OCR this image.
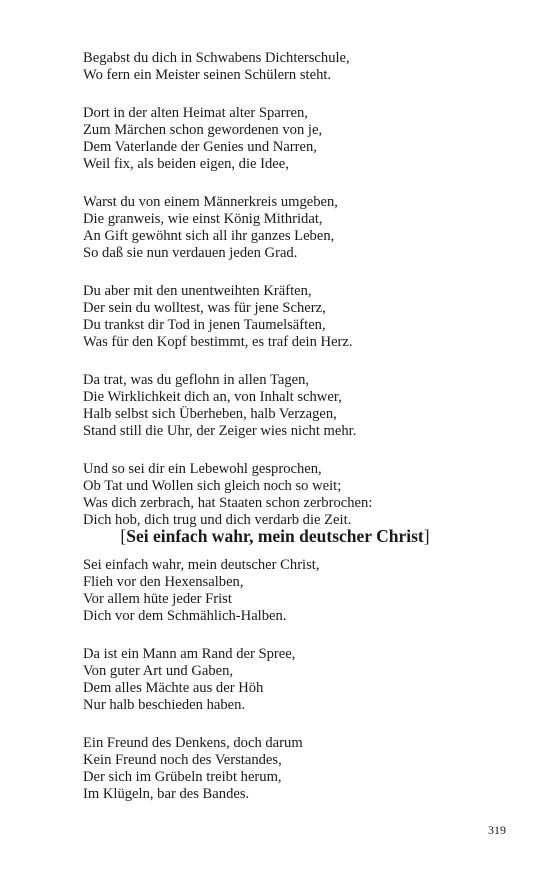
Begabst du dich in Schwabens Dichterschule,
Wo fern ein Meister seinen Schülern steht.
Dort in der alten Heimat alter Sparren,
Zum Märchen schon gewordenen von je,
Dem Vaterlande der Genies und Narren,
Weil fix, als beiden eigen, die Idee,
Warst du von einem Männerkreis umgeben,
Die granweis, wie einst König Mithridat,
An Gift gewöhnt sich all ihr ganzes Leben,
So daß sie nun verdauen jeden Grad.
Du aber mit den unentweihten Kräften,
Der sein du wolltest, was für jene Scherz,
Du trankst dir Tod in jenen Taumelsäften,
Was für den Kopf bestimmt, es traf dein Herz.
Da trat, was du geflohn in allen Tagen,
Die Wirklichkeit dich an, von Inhalt schwer,
Halb selbst sich Überheben, halb Verzagen,
Stand still die Uhr, der Zeiger wies nicht mehr.
Und so sei dir ein Lebewohl gesprochen,
Ob Tat und Wollen sich gleich noch so weit;
Was dich zerbrach, hat Staaten schon zerbrochen:
Dich hob, dich trug und dich verdarb die Zeit.
[Sei einfach wahr, mein deutscher Christ]
Sei einfach wahr, mein deutscher Christ,
Flieh vor den Hexensalben,
Vor allem hüte jeder Frist
Dich vor dem Schmählich-Halben.
Da ist ein Mann am Rand der Spree,
Von guter Art und Gaben,
Dem alles Mächte aus der Höh
Nur halb beschieden haben.
Ein Freund des Denkens, doch darum
Kein Freund noch des Verstandes,
Der sich im Grübeln treibt herum,
Im Klügeln, bar des Bandes.
319
